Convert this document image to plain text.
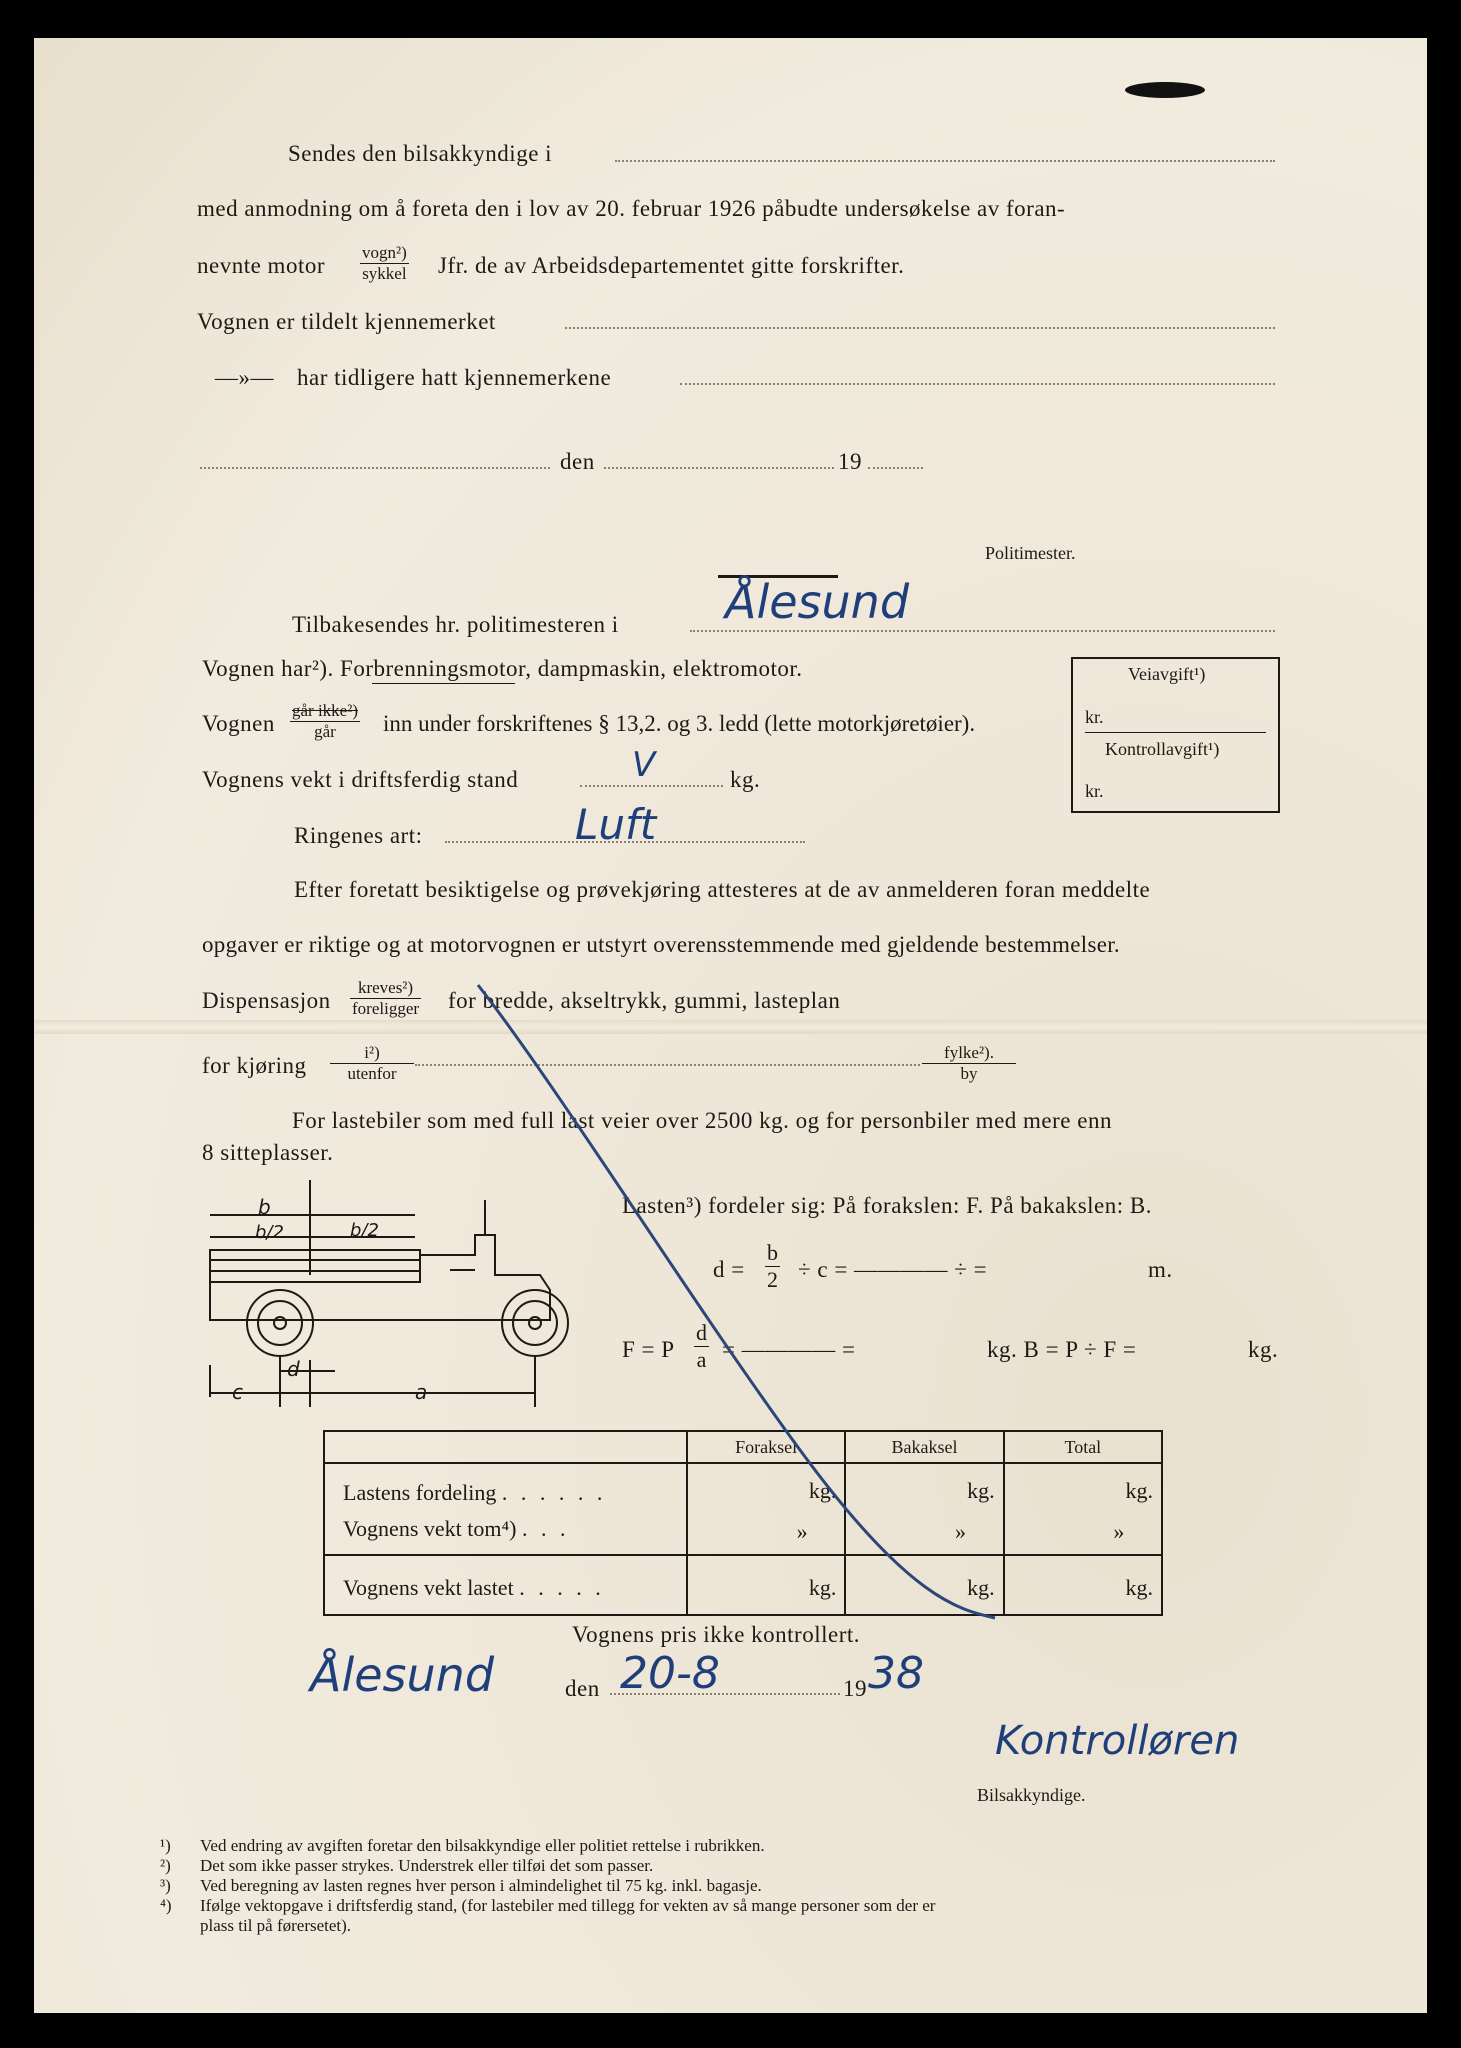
Sendes den bilsakkyndige i
med anmodning om å foreta den i lov av 20. februar 1926 påbudte undersøkelse av foran-
nevnte motor
vogn²)
sykkel Jfr. de av Arbeidsdepartementet gitte forskrifter.
Vognen er tildelt kjennemerket
—»— har tidligere hatt kjennemerkene
den	19
Politimester.
Tilbakesendes hr. politimesteren i Ålesund
Vognen har²). Forbrenningsmotor, dampmaskin, elektromotor.
Vognen
går ikke²)
går	inn under forskriftenes § 13,2. og 3. ledd (lette motorkjøretøier).
Vognens vekt i driftsferdig stand	V	kg.
Ringenes art:	Luft
Veiavgift¹)
kr.
Kontrollavgift¹)
kr.
Efter foretatt besiktigelse og prøvekjøring attesteres at de av anmelderen foran meddelte
opgaver er riktige og at motorvognen er utstyrt overensstemmende med gjeldende bestemmelser.
Dispensasjon
kreves²)
foreligger for bredde, akseltrykk, gummi, lasteplan
for kjøring
i²)
utenfor
fylke²).
by
For lastebiler som med full last veier over 2500 kg. og for personbiler med mere enn
8 sitteplasser.
b
b/2	b/2
c
d
a
Lasten³) fordeler sig: På forakslen: F. På bakakslen: B.
$d = \frac{b}{2} \div c$ = ———— ÷ =	m.
F = P $\frac{d}{a}$ = ———— =	kg. B = P ÷ F =	kg.
	Foraksel	Bakaksel	Total
Lastens fordeling . . . . . .	kg.	kg.	kg.
Vognens vekt tom⁴) . . .	»	»	»
Vognens vekt lastet . . . . .	kg.	kg.	kg.
Vognens pris ikke kontrollert.
Ålesund	den 20-8	19 38
Kontrolløren
Bilsakkyndige.
¹) Ved endring av avgiften foretar den bilsakkyndige eller politiet rettelse i rubrikken.
²) Det som ikke passer strykes. Understrek eller tilføi det som passer.
³) Ved beregning av lasten regnes hver person i almindelighet til 75 kg. inkl. bagasje.
⁴) Ifølge vektopgave i driftsferdig stand, (for lastebiler med tillegg for vekten av så mange personer som der er
plass til på førersetet).
